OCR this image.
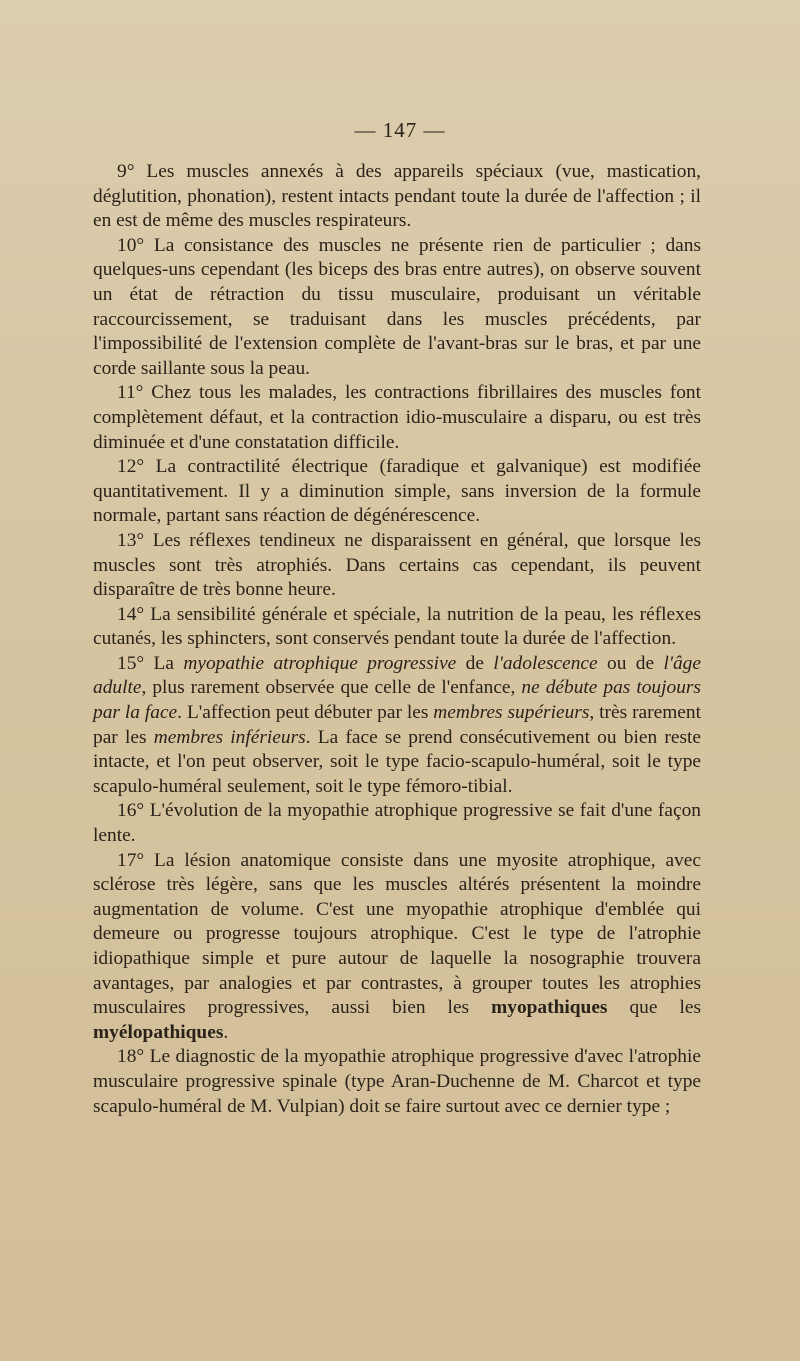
— 147 —

9° Les muscles annexés à des appareils spéciaux (vue, mastication, déglutition, phonation), restent intacts pendant toute la durée de l'affection ; il en est de même des muscles respirateurs.

10° La consistance des muscles ne présente rien de particulier ; dans quelques-uns cependant (les biceps des bras entre autres), on observe souvent un état de rétraction du tissu musculaire, produisant un véritable raccourcissement, se traduisant dans les muscles précédents, par l'impossibilité de l'extension complète de l'avant-bras sur le bras, et par une corde saillante sous la peau.

11° Chez tous les malades, les contractions fibrillaires des muscles font complètement défaut, et la contraction idio-musculaire a disparu, ou est très diminuée et d'une constatation difficile.

12° La contractilité électrique (faradique et galvanique) est modifiée quantitativement. Il y a diminution simple, sans inversion de la formule normale, partant sans réaction de dégénérescence.

13° Les réflexes tendineux ne disparaissent en général, que lorsque les muscles sont très atrophiés. Dans certains cas cependant, ils peuvent disparaître de très bonne heure.

14° La sensibilité générale et spéciale, la nutrition de la peau, les réflexes cutanés, les sphincters, sont conservés pendant toute la durée de l'affection.

15° La myopathie atrophique progressive de l'adolescence ou de l'âge adulte, plus rarement observée que celle de l'enfance, ne débute pas toujours par la face. L'affection peut débuter par les membres supérieurs, très rarement par les membres inférieurs. La face se prend consécutivement ou bien reste intacte, et l'on peut observer, soit le type facio-scapulo-huméral, soit le type scapulo-huméral seulement, soit le type fémoro-tibial.

16° L'évolution de la myopathie atrophique progressive se fait d'une façon lente.

17° La lésion anatomique consiste dans une myosite atrophique, avec sclérose très légère, sans que les muscles altérés présentent la moindre augmentation de volume. C'est une myopathie atrophique d'emblée qui demeure ou progresse toujours atrophique. C'est le type de l'atrophie idiopathique simple et pure autour de laquelle la nosographie trouvera avantages, par analogies et par contrastes, à grouper toutes les atrophies musculaires progressives, aussi bien les myopathiques que les myélopathiques.

18° Le diagnostic de la myopathie atrophique progressive d'avec l'atrophie musculaire progressive spinale (type Aran-Duchenne de M. Charcot et type scapulo-huméral de M. Vulpian) doit se faire surtout avec ce dernier type ;
